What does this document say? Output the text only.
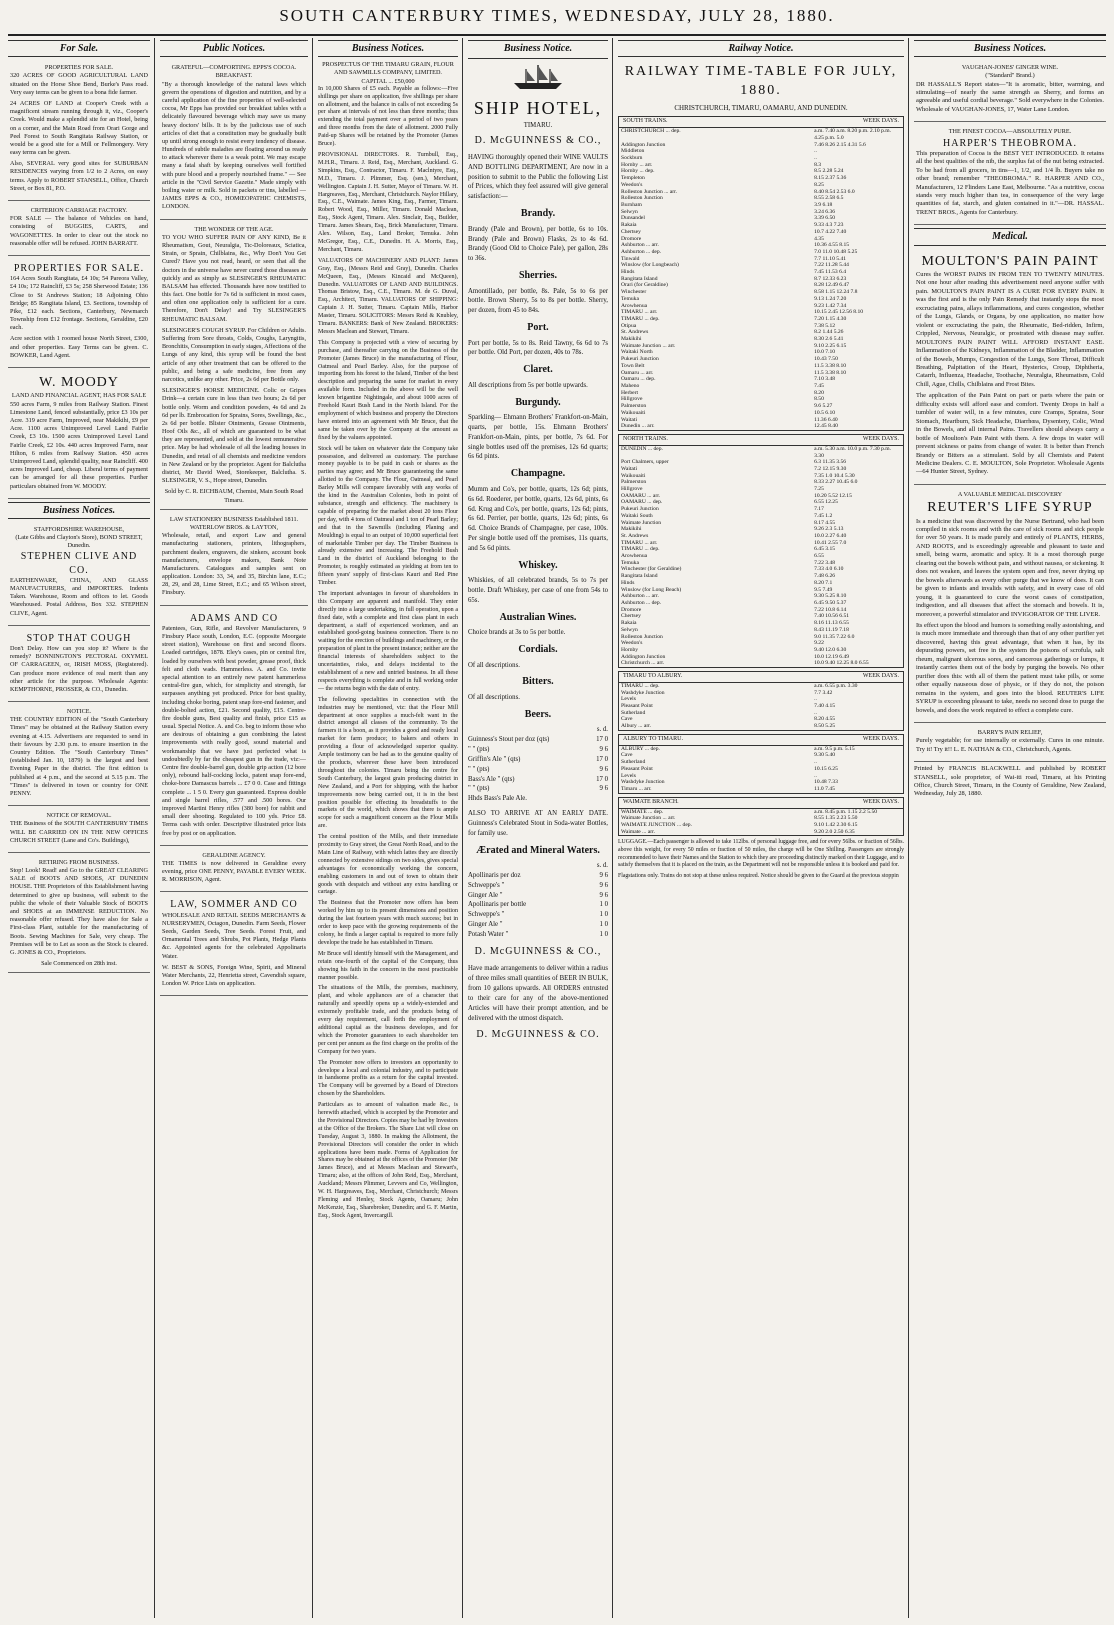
SOUTH CANTERBURY TIMES, WEDNESDAY, JULY 28, 1880.
For Sale.
PROPERTIES FOR SALE.

320 ACRES OF GOOD AGRICULTURAL LAND situated on the Horse Shoe Bend, Burke's Pass road. Very easy terms can be given to a bona fide farmer.

24 ACRES OF LAND at Cooper's Creek with a magnificent stream running through it, viz., Cooper's Creek. Would make a splendid site for an Hotel, being on a corner, and the Main Road from Orari Gorge and Peel Forest to South Rangitata Railway Station, or would be a good site for a Mill or Fellmongery. Very easy terms can be given.

Also, SEVERAL very good sites for SUBURBAN RESIDENCES varying from 1/2 to 2 Acres, on easy terms. Apply to ROBERT STANSELL, Office, Church Street, or Box 81, P.O.

CRITERION CARRIAGE FACTORY.

FOR SALE — The balance of Vehicles on hand, consisting of BUGGIES, CARTS, and WAGONETTES. In order to clear out the stock no reasonable offer will be refused. JOHN BARRATT.

PROPERTIES FOR SALE.

164 Acres South Rangitata, £4 10s; 54 Pareora Valley, £4 10s; 172 Raincliff, £3 5s; 258 Sherwood Estate; 136 Close to St Andrews Station; 18 Adjoining Ohio Bridge; 85 Rangitata Island, £3. Sections, township of Pike, £12 each. Sections, Canterbury, Newmarch Township from £12 frontage. Sections, Geraldine, £20 each.

Acre section with 1 roomed house North Street, £300, and other properties. Easy Terms can be given. C. BOWKER, Land Agent.

W. MOODY
LAND AND FINANCIAL AGENT, HAS FOR SALE

550 acres Farm, 9 miles from Railway Station. Finest Limestone Land, fenced substantially, price £3 10s per Acre. 319 acre Farm, Improved, near Makikihi, £9 per Acre. 1100 acres Unimproved Level Land Fairlie Creek, £3 10s. 1500 acres Unimproved Level Land Fairlie Creek, £2 10s. 440 acres Improved Farm, near Hilton, 6 miles from Railway Station. 450 acres Unimproved Land, splendid quality, near Raincliff. 400 acres Improved Land, cheap. Liberal terms of payment can be arranged for all these properties. Further particulars obtained from W. MOODY.

Business Notices.
STAFFORDSHIRE WAREHOUSE,
(Late Gibbs and Clayton's Store), BOND STREET, Dunedin.
STEPHEN CLIVE AND CO.

EARTHENWARE, CHINA, AND GLASS MANUFACTURERS, and IMPORTERS. Indents Taken. Warehouse, Room and offices to let. Goods Warehoused. Postal Address, Box 332. STEPHEN CLIVE, Agent.

STOP THAT COUGH

Don't Delay. How can you stop it? Where is the remedy? BONNINGTON'S PECTORAL OXYMEL OF CARRAGEEN, or, IRISH MOSS, (Registered). Can produce more evidence of real merit than any other article for the purpose. Wholesale Agents: KEMPTHORNE, PROSSER, & CO., Dunedin.

NOTICE.

THE COUNTRY EDITION of the "South Canterbury Times" may be obtained at the Railway Station every evening at 4.15. Advertisers are requested to send in their favours by 2.30 p.m. to ensure insertion in the Country Edition. The "South Canterbury Times" (established Jan. 10, 1879) is the largest and best Evening Paper in the district. The first edition is published at 4 p.m., and the second at 5.15 p.m. The "Times" is delivered in town or country for ONE PENNY.

NOTICE OF REMOVAL.

THE Business of the SOUTH CANTERBURY TIMES WILL BE CARRIED ON IN THE NEW OFFICES CHURCH STREET (Lane and Co's. Buildings),

RETIRING FROM BUSINESS.

Stop! Look! Read! and Go to the GREAT CLEARING SALE of BOOTS AND SHOES, AT DUNEDIN HOUSE. THE Proprietors of this Establishment having determined to give up business, will submit to the public the whole of their Valuable Stock of BOOTS and SHOES at an IMMENSE REDUCTION. No reasonable offer refused. They have also for Sale a First-class Plant, suitable for the manufacturing of Boots. Sewing Machines for Sale, very cheap. The Premises will be to Let as soon as the Stock is cleared. G. JONES & CO., Proprietors.

Sale Commenced on 28th inst.
Public Notices.
GRATEFUL—COMFORTING. EPPS'S COCOA. BREAKFAST.

"By a thorough knowledge of the natural laws which govern the operations of digestion and nutrition, and by a careful application of the fine properties of well-selected cocoa, Mr Epps has provided our breakfast tables with a delicately flavoured beverage which may save us many heavy doctors' bills. It is by the judicious use of such articles of diet that a constitution may be gradually built up until strong enough to resist every tendency of disease. Hundreds of subtle maladies are floating around us ready to attack wherever there is a weak point. We may escape many a fatal shaft by keeping ourselves well fortified with pure blood and a properly nourished frame." — See article in the "Civil Service Gazette." Made simply with boiling water or milk. Sold in packets or tins, labelled — JAMES EPPS & CO., HOMŒOPATHIC CHEMISTS, LONDON.

THE WONDER OF THE AGE.

TO YOU WHO SUFFER PAIN OF ANY KIND, Be it Rheumatism, Gout, Neuralgia, Tic-Doloreaux, Sciatica, Strain, or Sprain, Chilblains, &c., Why Don't You Get Cured? Have you not read, heard, or seen that all the doctors in the universe have never cured those diseases as quickly and as simply as SLESINGER'S RHEUMATIC BALSAM has effected. Thousands have now testified to this fact. One bottle for 7s 6d is sufficient in most cases, and often one application only is sufficient for a cure. Therefore, Don't Delay! and Try SLESINGER'S RHEUMATIC BALSAM.

SLESINGER'S COUGH SYRUP. For Children or Adults. Suffering from Sore throats, Colds, Coughs, Laryngitis, Bronchitis, Consumption in early stages, Affections of the Lungs of any kind, this syrup will be found the best article of any other treatment that can be offered to the public, and being a safe medicine, free from any narcotics, unlike any other. Price, 2s 6d per Bottle only.

SLESINGER'S HORSE MEDICINE. Colic or Gripes Drink—a certain cure in less than two hours; 2s 6d per bottle only. Worm and condition powders, 4s 6d and 2s 6d per lb. Embrocation for Sprains, Sores, Swellings, &c., 2s 6d per bottle. Blister Ointments, Grease Ointments, Hoof Oils &c., all of which are guaranteed to be what they are represented, and sold at the lowest remunerative price. May be had wholesale of all the leading houses in Dunedin, and retail of all chemists and medicine vendors in New Zealand or by the proprietor. Agent for Balclutha district, Mr David Weed, Storekeeper, Balclutha. S. SLESINGER, V. S., Hope street, Dunedin.

Sold by C. R. EICHBAUM, Chemist, Main South Road Timaru.
LAW STATIONERY BUSINESS Established 1811. WATERLOW BROS. & LAYTON,

Wholesale, retail, and export Law and general manufacturing stationers, printers, lithographers, parchment dealers, engravers, die sinkers, account book manufacturers, envelope makers, Bank Note Manufacturers. Catalogues and samples sent on application. London: 33, 34, and 35, Birchin lane, E.C.; 28, 29, and 28, Lime Street, E.C.; and 65 Wilson street, Finsbury.

ADAMS AND CO

Patentees, Gun, Rifle, and Revolver Manufacturers, 9 Finsbury Place south, London, E.C. (opposite Moorgate street station), Warehouse on first and second floors. Loaded cartridges, 1878. Eley's cases, pin or central fire, loaded by ourselves with best powder, grease proof, thick felt and cloth wads. Hammerless. A. and Co. invite special attention to an entirely new patent hammerless central-fire gun, which, for simplicity and strength, far surpasses anything yet produced. Price for best quality, including choke boring, patent snap fore-end fastener, and double-bolted action, £21. Second quality, £15. Centre-fire double guns, Best quality and finish, price £15 as usual. Special Notice. A. and Co. beg to inform those who are desirous of obtaining a gun combining the latest improvements with really good, sound material and workmanship that we have just perfected what is undoubtedly by far the cheapest gun in the trade, viz:— Centre fire double-barrel gun, double grip action (12 bore only), rebound half-cocking locks, patent snap fore-end, choke-bore Damascus barrels ... £7 0 0. Case and fittings complete ... 1 5 0. Every gun guaranteed. Express double and single barrel rifles, .577 and .500 bores. Our improved Martini Henry rifles (380 bore) for rabbit and small deer shooting. Regulated to 100 yds. Price £8. Terms cash with order. Descriptive illustrated price lists free by post or on application.

GERALDINE AGENCY.

THE TIMES is now delivered in Geraldine every evening, price ONE PENNY, PAYABLE EVERY WEEK. R. MORRISON, Agent.

LAW, SOMMER AND CO

WHOLESALE AND RETAIL SEEDS MERCHANTS & NURSERYMEN, Octagon, Dunedin. Farm Seeds, Flower Seeds, Garden Seeds, Tree Seeds. Forest Fruit, and Ornamental Trees and Shrubs, Pot Plants, Hedge Plants &c. Appointed agents for the celebrated Appolinaris Water.

W. BEST & SONS, Foreign Wine, Spirit, and Mineral Water Merchants, 22, Henrietta street, Cavendish square, London W. Price Lists on application.

Business Notices.
PROSPECTUS OF THE TIMARU GRAIN, FLOUR AND SAWMILLS COMPANY, LIMITED.
CAPITAL ... £50,000

In 10,000 Shares of £5 each. Payable as follows:—Five shillings per share on application, five shillings per share on allotment, and the balance in calls of not exceeding 5s per share at intervals of not less than three months; thus extending the total payment over a period of two years and three months from the date of allotment. 2000 Fully Paid-up Shares will be retained by the Promoter (James Bruce).

PROVISIONAL DIRECTORS. R. Turnbull, Esq., M.H.R., Timaru. J. Reid, Esq., Merchant, Auckland. G. Simpkins, Esq., Contractor, Timaru. F. Maclntyre, Esq., M.D., Timaru. J. Plimmer, Esq. (sen.), Merchant, Wellington. Captain J. H. Sutter, Mayor of Timaru. W. H. Hargreaves, Esq., Merchant, Christchurch. Naylor Hillary, Esq., C.E., Waimate. James King, Esq., Farmer, Timaru. Robert Wood, Esq., Miller, Timaru. Donald Maclean, Esq., Stock Agent, Timaru. Alex. Sinclair, Esq., Builder, Timaru. James Shears, Esq., Brick Manufacturer, Timaru. Alex. Wilson, Esq., Land Broker, Temuka. John McGregor, Esq., C.E., Dunedin. H. A. Morris, Esq., Merchant, Timaru.

VALUATORS OF MACHINERY AND PLANT: James Gray, Esq., (Messrs Reid and Gray), Dunedin. Charles McQueen, Esq., (Messrs Kincaid and McQueen), Dunedin. VALUATORS OF LAND AND BUILDINGS. Thomas Bristow, Esq., C.E., Timaru. M. de G. Duval, Esq., Architect, Timaru. VALUATORS OF SHIPPING: Captain J. H. Sutter, Timaru. Captain Mills, Harbor Master, Timaru. SOLICITORS: Messrs Reid & Knubley, Timaru. BANKERS: Bank of New Zealand. BROKERS: Messrs Maclean and Stewart, Timaru.

This Company is projected with a view of securing by purchase, and thereafter carrying on the Business of the Promoter (James Bruce) in the manufacturing of Flour, Oatmeal and Pearl Barley. Also, for the purpose of importing from his forest to the Island, Timber of the best description and preparing the same for market in every available form. Included in the above will be the well known brigantine Nightingale, and about 1000 acres of Freehold Kauri Bush Land in the North Island. For the employment of which business and property the Directors have entered into an agreement with Mr Bruce, that the same be taken over by the Company at the amount as fixed by the valuers appointed.

Stock will be taken on whatever date the Company take possession, and delivered as customary. The purchase money payable is to be paid in cash or shares as the parties may agree; and Mr Bruce guaranteeing the same allotted to the Company. The Flour, Oatmeal, and Pearl Barley Mills will compare favorably with any works of the kind in the Australian Colonies, both in point of substance, strength and efficiency. The machinery is capable of preparing for the market about 20 tons Flour per day, with 4 tons of Oatmeal and 1 ton of Pearl Barley; and that in the Sawmills (including Planing and Moulding) is equal to an output of 10,000 superficial feet of marketable Timber per day. The Timber Business is already extensive and increasing. The Freehold Bush Land in the district of Auckland belonging to the Promoter, is roughly estimated as yielding at from ten to fifteen years' supply of first-class Kauri and Red Pine Timber.

The important advantages in favour of shareholders in this Company are apparent and manifold. They enter directly into a large undertaking, in full operation, upon a fixed date, with a complete and first class plant in each department, a staff of experienced workmen, and an established good-going business connection. There is no waiting for the erection of buildings and machinery, or the preparation of plant in the present instance; neither are the financial interests of shareholders subject to the uncertainties, risks, and delays incidental to the establishment of a new and untried business. In all these respects everything is complete and in full working order — the returns begin with the date of entry.

The following specialities in connection with the industries may be mentioned, viz: that the Flour Mill department at once supplies a much-felt want in the district amongst all classes of the community. To the farmers it is a boon, as it provides a good and ready local market for farm produce; to bakers and others in providing a flour of acknowledged superior quality. Ample testimony can be had as to the genuine quality of the products, wherever these have been introduced throughout the colonies. Timaru being the centre for South Canterbury, the largest grain producing district in New Zealand, and a Port for shipping, with the harbor improvements now being carried out, it is in the best position possible for effecting its breadstuffs to the markets of the world, which shows that there is ample scope for such a magnificent concern as the Flour Mills are.

The central position of the Mills, and their immediate proximity to Gray street, the Great North Road, and to the Main Line of Railway, with which lattes they are directly connected by extensive sidings on two sides, gives special advantages for economically working the concern, enabling customers in and out of town to obtain their goods with despatch and without any extra handling or cartage.

The Business that the Promoter now offers has been worked by him up to its present dimensions and position during the last fourteen years with much success; but in order to keep pace with the growing requirements of the colony, he finds a larger capital is required to more fully develope the trade he has established in Timaru.

Mr Bruce will identify himself with the Management, and retain one-fourth of the capital of the Company, thus showing his faith in the concern in the most practicable manner possible.

The situations of the Mills, the premises, machinery, plant, and whole appliances are of a character that naturally and speedily opens up a widely-extended and extremely profitable trade, and the products being of every day requirement, call forth the employment of additional capital as the business developes, and for which the Promoter guarantees to each shareholder ten per cent per annum as the first charge on the profits of the Company for two years.

The Promoter now offers to investors an opportunity to develope a local and colonial industry, and to participate in handsome profits as a return for the capital invested. The Company will be governed by a Board of Directors chosen by the Shareholders.

Particulars as to amount of valuation made &c., is herewith attached, which is accepted by the Promoter and the Provisional Directors. Copies may be had by Investors at the Office of the Brokers. The Share List will close on Tuesday, August 3, 1880. In making the Allotment, the Provisional Directors will consider the order in which applications have been made. Forms of Application for Shares may be obtained at the offices of the Promoter (Mr James Bruce), and at Messrs Maclean and Stewart's, Timaru; also, at the offices of John Reid, Esq., Merchant, Auckland; Messrs Plimmer, Levvers and Co, Wellington, W. H. Hargreaves, Esq., Merchant, Christchurch; Messrs Fleming and Henley, Stock Agents, Oamaru; John McKenzie, Esq., Sharebroker, Dunedin; and G. F. Martin, Esq., Stock Agent, Invercargill.

Business Notice.
SHIP HOTEL,
TIMARU.
D. McGUINNESS & CO.,

HAVING thoroughly opened their WINE VAULTS AND BOTTLING DEPARTMENT, Are now in a position to submit to the Public the following List of Prices, which they feel assured will give general satisfaction:—

Brandy.

Brandy (Pale and Brown), per bottle, 6s to 10s. Brandy (Pale and Brown) Flasks, 2s to 4s 6d. Brandy (Good Old to Choice Pale), per gallon, 28s to 36s.

Sherries.

Amontillado, per bottle, 8s. Pale, 5s to 6s per bottle. Brown Sherry, 5s to 8s per bottle. Sherry, per dozen, from 45 to 84s.

Port.

Port per bottle, 5s to 8s. Reid Tawny, 6s 6d to 7s per bottle. Old Port, per dozen, 40s to 78s.

Claret.

All descriptions from 5s per bottle upwards.

Burgundy.

Sparkling— Ehmann Brothers' Frankfort-on-Main, quarts, per bottle, 15s. Ehmann Brothers' Frankfort-on-Main, pints, per bottle, 7s 6d. For single bottles used off the premises, 12s 6d quarts; 6s 6d pints.

Champagne.

Mumm and Co's, per bottle, quarts, 12s 6d; pints, 6s 6d. Roederer, per bottle, quarts, 12s 6d, pints, 6s 6d. Krug and Co's, per bottle, quarts, 12s 6d; pints, 6s 6d. Perrier, per bottle, quarts, 12s 6d; pints, 6s 6d. Choice Brands of Champagne, per case, 100s. Per single bottle used off the premises, 11s quarts, and 5s 6d pints.

Whiskey.

Whiskies, of all celebrated brands, 5s to 7s per bottle. Draft Whiskey, per case of one from 54s to 65s.

Australian Wines.

Choice brands at 3s to 5s per bottle.

Cordials.

Of all descriptions.

Bitters.

Of all descriptions.

Beers.
s. d.
Guinness's Stout per doz (qts)	17 0
" " (pts)	9 6
Griffin's Ale " (qts)	17 0
" " (pts)	9 6
Bass's Ale " (qts)	17 0
" " (pts)	9 6
Hhds Bass's Pale Ale.

ALSO TO ARRIVE AT AN EARLY DATE. Guinness's Celebrated Stout in Soda-water Bottles, for family use.

Ærated and Mineral Waters.
s. d.
Apollinaris per doz	9 6
Schweppe's "	9 6
Ginger Ale "	9 6
Apollinaris per bottle	1 0
Schweppe's "	1 0
Ginger Ale "	1 0
Potash Water "	1 0
D. McGUINNESS & CO.,

Have made arrangements to deliver within a radius of three miles small quantities of BEER IN BULK, from 10 gallons upwards. All ORDERS entrusted to their care for any of the above-mentioned Articles will have their prompt attention, and be delivered with the utmost dispatch.

D. McGUINNESS & CO.
Railway Notice.
RAILWAY TIME-TABLE FOR JULY, 1880.
CHRISTCHURCH, TIMARU, OAMARU, AND DUNEDIN.
SOUTH TRAINS.	WEEK DAYS.
CHRISTCHURCH ... dep.	a.m. 7.40 a.m. 8.20 p.m. 2.10 p.m. 4.25 p.m. 5.0
Addington Junction	7.46 8.26 2.15 4.31 5.6
Middleton	..
Sockburn	..
Hornby ... arr.	8.3
Hornby ... dep.	8.5 2.28 5.24
Templeton	8.15 2.37 5.36
Weedon's	8.25
Rolleston Junction ... arr.	8.40 8.54 2.53 6.0
Rolleston Junction	8.55 2.58 6.5
Burnham	3.9 6.18
Selwyn	3.24 6.36
Dunsandel	3.39 6.50
Rakaia	9.33 4.3 7.23
Chertsey	10.7 4.22 7.40
Dromore	4.35
Ashburton ... arr.	10.36 4.55 8.15
Ashburton ... dep.	7.0 11.0 10.48 5.25
Tinwald	7.7 11.10 5.41
Winslow (for Longbeach)	7.22 11.28 5.44
Hinds	7.45 11.53 6.4
Rangitata Island	8.7 12.33 6.23
Orari (for Geraldine)	8.28 12.49 6.47
Winchester	8.58 1.15 12.24 7.8
Temuka	9.13 1.24 7.20
Arowhenua	9.23 1.42 7.34
TIMARU ... arr.	10.15 2.45 12.56 8.10
TIMARU ... dep.	7.20 1.15 4.30
Otipua	7.38 5.12
St. Andrews	8.2 1.44 5.26
Makikihi	8.30 2.6 5.41
Waimate Junction ... arr.	9.10 2.25 6.15
Waitaki North	10.0 7.10
Pukeuri Junction	10.43 7.50
Town Belt	11.5 3.38 8.10
Oamaru ... arr.	11.5 3.38 8.10
Oamaru ... dep.	7.10 3.48
Maheno	7.45
Herbert	8.20
Hillgrove	8.50
Palmerston	9.6 5.27
Waikouaiti	10.5 6.10
Waitati	11.36 6.40
Dunedin ... arr.	12.45 8.40
NORTH TRAINS.	WEEK DAYS.
DUNEDIN ... dep.	a.m. 5.30 a.m. 10.0 p.m. 7.30 p.m. 3.30
Port Chalmers, upper	6.3 11.35 3.56
Waitati	7.2 12.15 9.30
Waikouaiti	7.35 1.0 10.4 5.30
Palmerston	8.33 2.27 10.45 6.0
Hillgrove	7.25
OAMARU ... arr.	10.20 5.52 12.15
OAMARU ... dep.	6.55 12.25
Pukeuri Junction	7.17
Waitaki South	7.45 1.2
Waimate Junction	8.17 4.55
Makikihi	9.26 2.3 5.13
St. Andrews	10.0 2.27 6.40
TIMARU ... arr.	10.41 2.55 7.0
TIMARU ... dep.	6.45 3.15
Arowhenua	6.55
Temuka	7.22 3.48
Winchester (for Geraldine)	7.33 4.0 6.10
Rangitata Island	7.48 6.26
Hinds	8.20 7.1
Winslow (for Long Beach)	9.5 7.49
Ashburton ... arr.	9.30 5.25 8.10
Ashburton ... dep.	6.45 9.50 5.37
Dromore	7.22 10.8 6.14
Chertsey	7.40 10.56 6.51
Rakaia	8.16 11.13 6.55
Selwyn	8.43 11.19 7.18
Rolleston Junction	9.0 11.35 7.22 6.0
Weedon's	9.22
Hornby	9.40 12.0 6.30
Addington Junction	10.0 12.19 6.49
Christchurch ... arr.	10.0 9.40 12.25 8.0 6.55
TIMARU TO ALBURY.	WEEK DAYS.
TIMARU ... dep.	a.m. 6.55 p.m. 3.30
Washdyke Junction	7.7 3.42
Levels	..
Pleasant Point	7.40 4.15
Sutherland	..
Cave	8.20 4.55
Albury ... arr.	8.50 5.25
ALBURY TO TIMARU.	WEEK DAYS.
ALBURY ... dep.	a.m. 9.5 p.m. 5.15
Cave	9.30 5.40
Sutherland	..
Pleasant Point	10.15 6.25
Levels	..
Washdyke Junction	10.48 7.33
Timaru ... arr.	11.0 7.45
WAIMATE BRANCH.	WEEK DAYS.
WAIMATE ... dep.	a.m. 8.45 p.m. 1.15 2.2 5.50
Waimate Junction ... arr.	8.55 1.35 2.23 5.50
WAIMATE JUNCTION ... dep.	9.10 1.42 2.30 6.15
Waimate ... arr.	9.20 2.0 2.50 6.35

LUGGAGE.—Each passenger is allowed to take 112lbs. of personal luggage free, and for every 56lbs. or fraction of 56lbs. above this weight, for every 50 miles or fraction of 50 miles, the charge will be One Shilling. Passengers are strongly recommended to have their Names and the Station to which they are proceeding distinctly marked on their Luggage, and to satisfy themselves that it is placed on the train, as the Department will not be responsible unless it is booked and paid for.

Flagstations only. Trains do not stop at these unless required. Notice should be given to the Guard at the previous stoppin

Business Notices.
VAUGHAN-JONES' GINGER WINE.
("Standard" Brand.)

DR HASSALL'S Report states—"It is aromatic, bitter, warming, and stimulating—of nearly the same strength as Sherry, and forms an agreeable and useful cordial beverage." Sold everywhere in the Colonies. Wholesale of VAUGHAN-JONES, 17, Water Lane London.

THE FINEST COCOA—ABSOLUTELY PURE.
HARPER'S THEOBROMA.

This preparation of Cocoa is the BEST YET INTRODUCED. It retains all the best qualities of the nib, the surplus fat of the nut being extracted. To be had from all grocers, in tins—1, 1/2, and 1/4 lb. Buyers take no other brand; remember "THEOBROMA." R. HARPER AND CO., Manufacturers, 12 Flinders Lane East, Melbourne. "As a nutritive, cocoa stands very much higher than tea, in consequence of the very large quantities of fat, starch, and gluten contained in it."—DR. HASSAL. TRENT BROS., Agents for Canterbury.

Medical.
MOULTON'S PAIN PAINT

Cures the WORST PAINS IN FROM TEN TO TWENTY MINUTES. Not one hour after reading this advertisement need anyone suffer with pain. MOULTON'S PAIN PAINT IS A CURE FOR EVERY PAIN. It was the first and is the only Pain Remedy that instantly stops the most excruciating pains, allays inflammations, and cures congestion, whether of the Lungs, Glands, or Organs, by one application, no matter how violent or excruciating the pain, the Rheumatic, Bed-ridden, Infirm, Crippled, Nervous, Neuralgic, or prostrated with disease may suffer. MOULTON'S PAIN PAINT WILL AFFORD INSTANT EASE. Inflammation of the Kidneys, Inflammation of the Bladder, Inflammation of the Bowels, Mumps, Congestion of the Lungs, Sore Throat, Difficult Breathing, Palpitation of the Heart, Hysterics, Croup, Diphtheria, Catarrh, Influenza, Headache, Toothache, Neuralgia, Rheumatism, Cold Chill, Ague, Chills, Chilblains and Frost Bites.

The application of the Pain Paint on part or parts where the pain or difficulty exists will afford ease and comfort. Twenty Drops in half a tumbler of water will, in a few minutes, cure Cramps, Sprains, Sour Stomach, Heartburn, Sick Headache, Diarrhœa, Dysentery, Colic, Wind in the Bowels, and all internal Pains. Travellers should always carry a bottle of Moulton's Pain Paint with them. A few drops in water will prevent sickness or pains from change of water. It is better than French Brandy or Bitters as a stimulant. Sold by all Chemists and Patent Medicine Dealers. C. E. MOULTON, Sole Proprietor. Wholesale Agents—64 Hunter Street, Sydney.

A VALUABLE MEDICAL DISCOVERY
REUTER'S LIFE SYRUP

Is a medicine that was discovered by the Nurse Bertrand, who had been compiled in sick rooms and with the care of sick rooms and sick people for over 50 years. It is made purely and entirely of PLANTS, HERBS, AND ROOTS, and is exceedingly agreeable and pleasant to taste and smell, being warm, aromatic and spicy. It is a most thorough purge clearing out the bowels without pain, and without nausea, or sickening. It does not weaken, and leaves the system open and free, never drying up the bowels afterwards as every other purge that we know of does. It can be given to infants and invalids with safety, and in every case of old young, it is guaranteed to cure the worst cases of constipation, indigestion, and all diseases that affect the stomach and bowels. It is, moreover, a powerful stimulator and INVIGORATOR OF THE LIVER.

Its effect upon the blood and humors is something really astonishing, and is much more immediate and thorough than that of any other purifier yet discovered, having this great advantage, that when it has, by its depurating powers, set free in the system the poisons of scrofula, salt rheum, malignant ulcerous sores, and cancerous gatherings or lumps, it instantly carries them out of the body by purging the bowels. No other purifier does this: with all of them the patient must take pills, or some other equally nauseous dose of physic, or if they do not, the poison remains in the system, and goes into the blood. REUTER'S LIFE SYRUP is exceeding pleasant to take, needs no second dose to purge the bowels, and does the work required to effect a complete cure.

BARRY'S PAIN RELIEF,

Purely vegetable; for use internally or externally. Cures in one minute. Try it! Try it!! L. E. NATHAN & CO., Christchurch, Agents.

Printed by FRANCIS BLACKWELL and published by ROBERT STANSELL, sole proprietor, of Wai-iti road, Timaru, at his Printing Office, Church Street, Timaru, in the County of Geraldine, New Zealand, Wednesday, July 28, 1880.
